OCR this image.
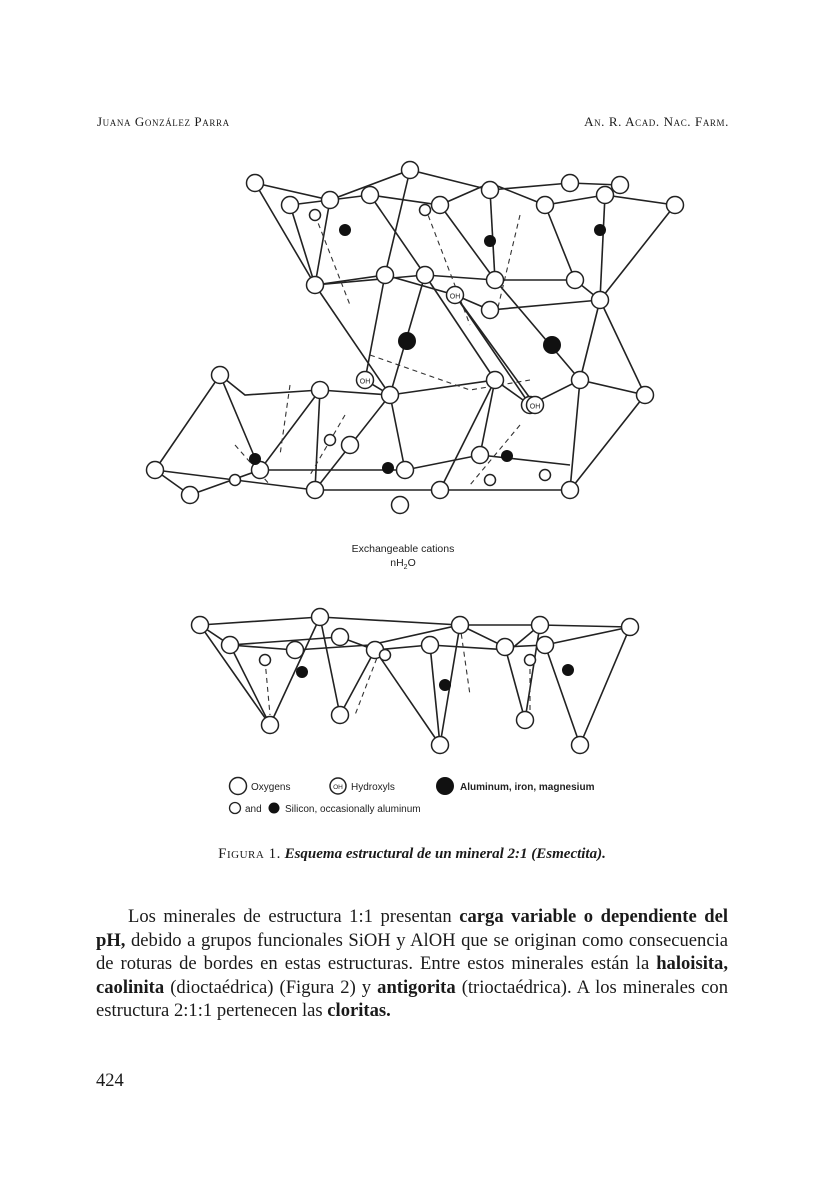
Juana González Parra	An. R. Acad. Nac. Farm.
OH
OH
OH
Exchangeable cations
$nH_2O$
Oxygens	OH Hydroxyls	Aluminum, iron, magnesium
and Silicon, occasionally aluminum
Figura 1. Esquema estructural de un mineral 2:1 (Esmectita).

Los minerales de estructura 1:1 presentan carga variable o dependiente del pH, debido a grupos funcionales SiOH y AlOH que se originan como consecuencia de roturas de bordes en estas estructuras. Entre estos minerales están la haloisita, caolinita (dioctaédrica) (Figura 2) y antigorita (trioctaédrica). A los minerales con estructura 2:1:1 pertenecen las cloritas.

424
